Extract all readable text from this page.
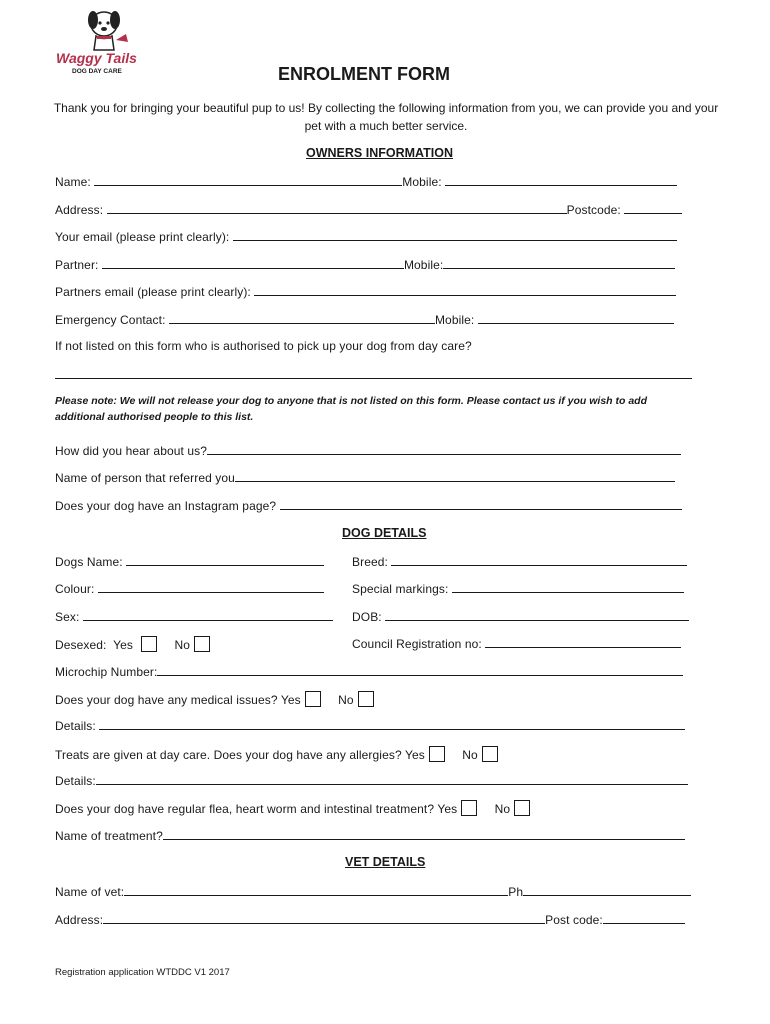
Waggy Tails
DOG DAY CARE	ENROLMENT FORM
Thank you for bringing your beautiful pup to us! By collecting the following information from you, we can provide you and your pet with a much better service.
OWNERS INFORMATION
Name:	Mobile:
Address:	Postcode:
Your email (please print clearly):
Partner:	Mobile:
Partners email (please print clearly):
Emergency Contact:	Mobile:
If not listed on this form who is authorised to pick up your dog from day care?
Please note: We will not release your dog to anyone that is not listed on this form. Please contact us if you wish to add additional authorised people to this list.
How did you hear about us?
Name of person that referred you
Does your dog have an Instagram page?
DOG DETAILS
Dogs Name:	Breed:
Colour:	Special markings:
Sex:	DOB:
Desexed: Yes	No	Council Registration no:
Microchip Number:
Does your dog have any medical issues? Yes	No
Details:
Treats are given at day care. Does your dog have any allergies? Yes	No
Details:
Does your dog have regular flea, heart worm and intestinal treatment? Yes	No
Name of treatment?
VET DETAILS
Name of vet:	Ph
Address:	Post code:
Registration application WTDDC V1 2017
